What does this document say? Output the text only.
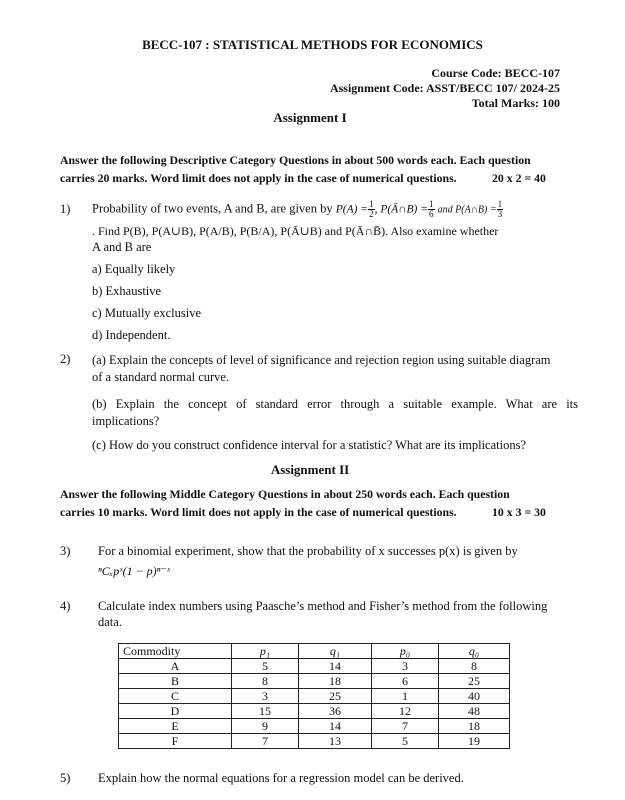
BECC-107 : STATISTICAL METHODS FOR ECONOMICS
Course Code: BECC-107
Assignment Code: ASST/BECC 107/ 2024-25
Total Marks: 100
Assignment I
Answer the following Descriptive Category Questions in about 500 words each. Each question
carries 20 marks. Word limit does not apply in the case of numerical questions.	20 x 2 = 40
1) Probability of two events, A and B, are given by $P(A) = \frac{1}{2}$ , P(Ā∩B) = $\frac{1}{6}$ and P(A∩B) = $\frac{1}{3}$
. Find P(B), P(A∪B), P(A/B), P(B/A), P(Ā∪B) and P(Ā∩B̄). Also examine whether
A and B are
a) Equally likely
b) Exhaustive
c) Mutually exclusive
d) Independent.
2) (a) Explain the concepts of level of significance and rejection region using suitable diagram
of a standard normal curve.
(b) Explain the concept of standard error through a suitable example. What are its
implications?
(c) How do you construct confidence interval for a statistic? What are its implications?
Assignment II
Answer the following Middle Category Questions in about 250 words each. Each question
carries 10 marks. Word limit does not apply in the case of numerical questions.	10 x 3 = 30
3) For a binomial experiment, show that the probability of x successes p(x) is given by
ⁿCₓpˣ(1 − p)ⁿ⁻ˣ
4) Calculate index numbers using Paasche’s method and Fisher’s method from the following
data.
Commodity	p₁	q₁	p₀	q₀
A	5	14	3	8
B	8	18	6	25
C	3	25	1	40
D	15	36	12	48
E	9	14	7	18
F	7	13	5	19
5) Explain how the normal equations for a regression model can be derived.
